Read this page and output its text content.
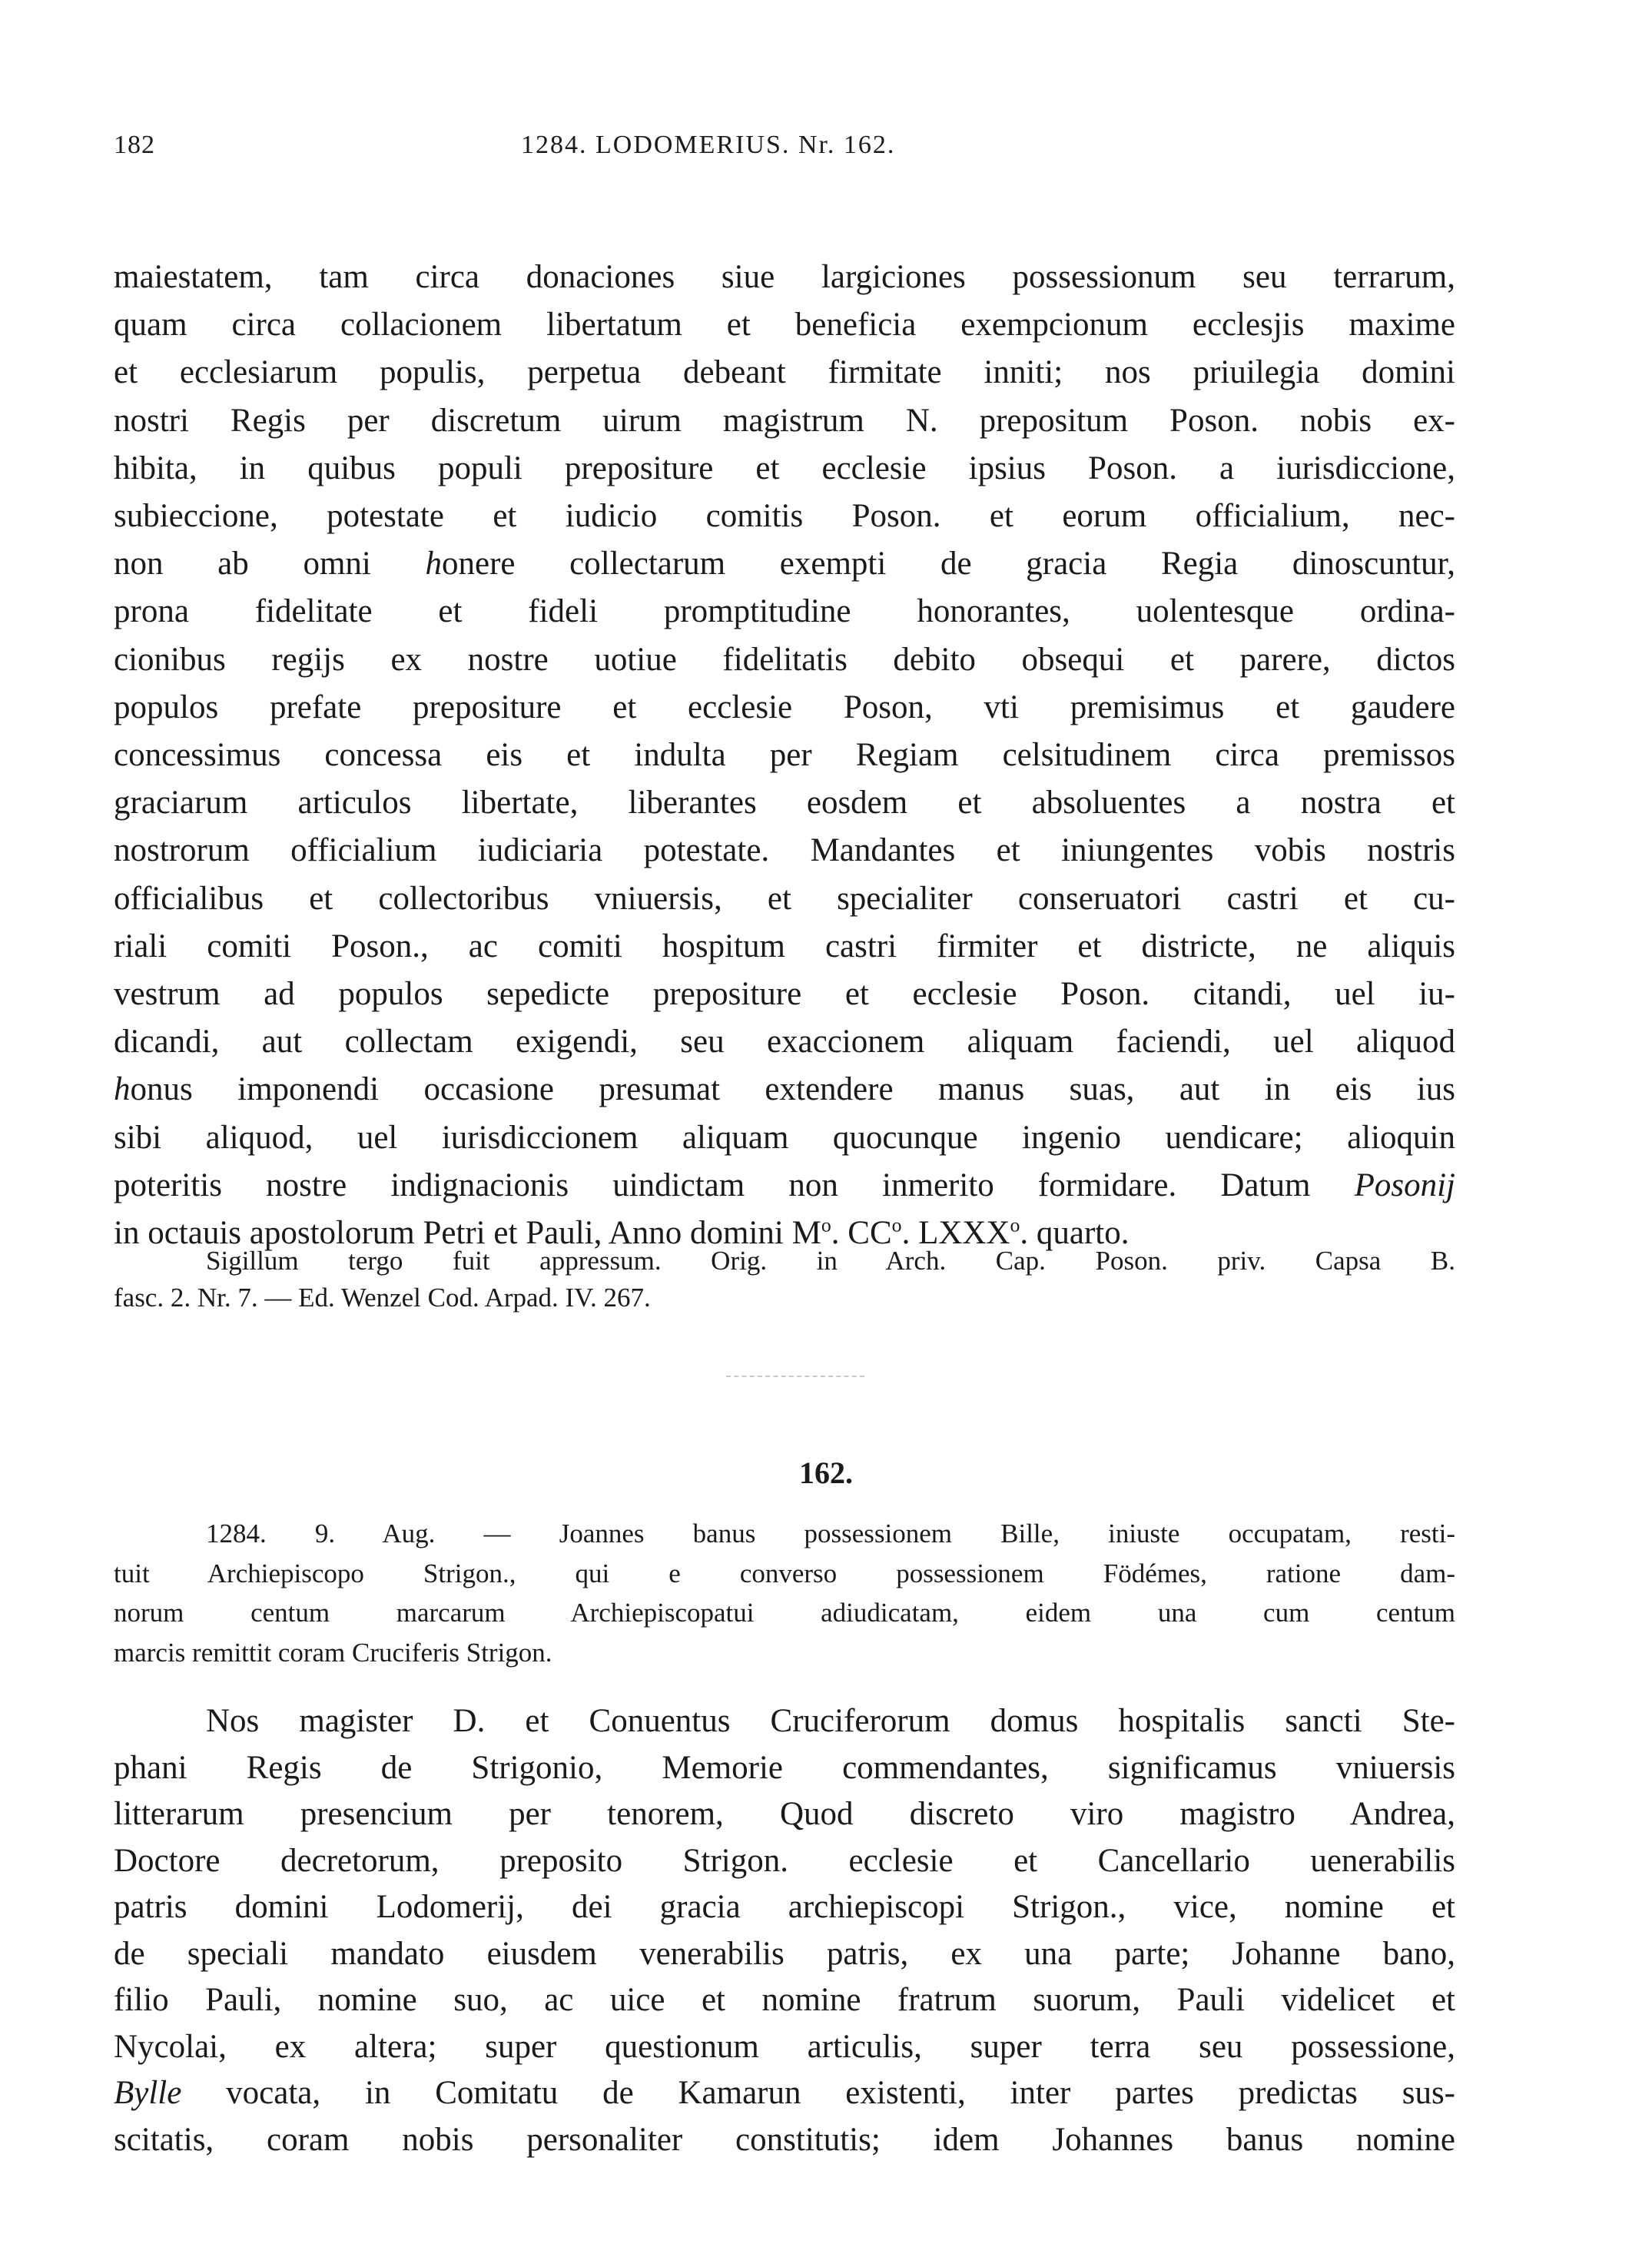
182	1284. LODOMERIUS. Nr. 162.
maiestatem, tam circa donaciones siue largiciones possessionum seu terrarum,
quam circa collacionem libertatum et beneficia exempcionum ecclesjis maxime
et ecclesiarum populis, perpetua debeant firmitate inniti; nos priuilegia domini
nostri Regis per discretum uirum magistrum N. prepositum Poson. nobis ex-
hibita, in quibus populi prepositure et ecclesie ipsius Poson. a iurisdiccione,
subieccione, potestate et iudicio comitis Poson. et eorum officialium, nec-
non ab omni honere collectarum exempti de gracia Regia dinoscuntur,
prona fidelitate et fideli promptitudine honorantes, uolentesque ordina-
cionibus regijs ex nostre uotiue fidelitatis debito obsequi et parere, dictos
populos prefate prepositure et ecclesie Poson, vti premisimus et gaudere
concessimus concessa eis et indulta per Regiam celsitudinem circa premissos
graciarum articulos libertate, liberantes eosdem et absoluentes a nostra et
nostrorum officialium iudiciaria potestate. Mandantes et iniungentes vobis nostris
officialibus et collectoribus vniuersis, et specialiter conseruatori castri et cu-
riali comiti Poson., ac comiti hospitum castri firmiter et districte, ne aliquis
vestrum ad populos sepedicte prepositure et ecclesie Poson. citandi, uel iu-
dicandi, aut collectam exigendi, seu exaccionem aliquam faciendi, uel aliquod
honus imponendi occasione presumat extendere manus suas, aut in eis ius
sibi aliquod, uel iurisdiccionem aliquam quocunque ingenio uendicare; alioquin
poteritis nostre indignacionis uindictam non inmerito formidare. Datum Posonij
in octauis apostolorum Petri et Pauli, Anno domini $M^o$. $CC^o$. LXXX$^o$. quarto.
Sigillum tergo fuit appressum. Orig. in Arch. Cap. Poson. priv. Capsa B.
fasc. 2. Nr. 7. — Ed. Wenzel Cod. Arpad. IV. 267.
162.
1284. 9. Aug. — Joannes banus possessionem Bille, iniuste occupatam, resti-
tuit Archiepiscopo Strigon., qui e converso possessionem Födémes, ratione dam-
norum centum marcarum Archiepiscopatui adiudicatam, eidem una cum centum
marcis remittit coram Cruciferis Strigon.
Nos magister D. et Conuentus Cruciferorum domus hospitalis sancti Ste-
phani Regis de Strigonio, Memorie commendantes, significamus vniuersis
litterarum presencium per tenorem, Quod discreto viro magistro Andrea,
Doctore decretorum, preposito Strigon. ecclesie et Cancellario uenerabilis
patris domini Lodomerij, dei gracia archiepiscopi Strigon., vice, nomine et
de speciali mandato eiusdem venerabilis patris, ex una parte; Johanne bano,
filio Pauli, nomine suo, ac uice et nomine fratrum suorum, Pauli videlicet et
Nycolai, ex altera; super questionum articulis, super terra seu possessione,
Bylle vocata, in Comitatu de Kamarun existenti, inter partes predictas sus-
scitatis, coram nobis personaliter constitutis; idem Johannes banus nomine
